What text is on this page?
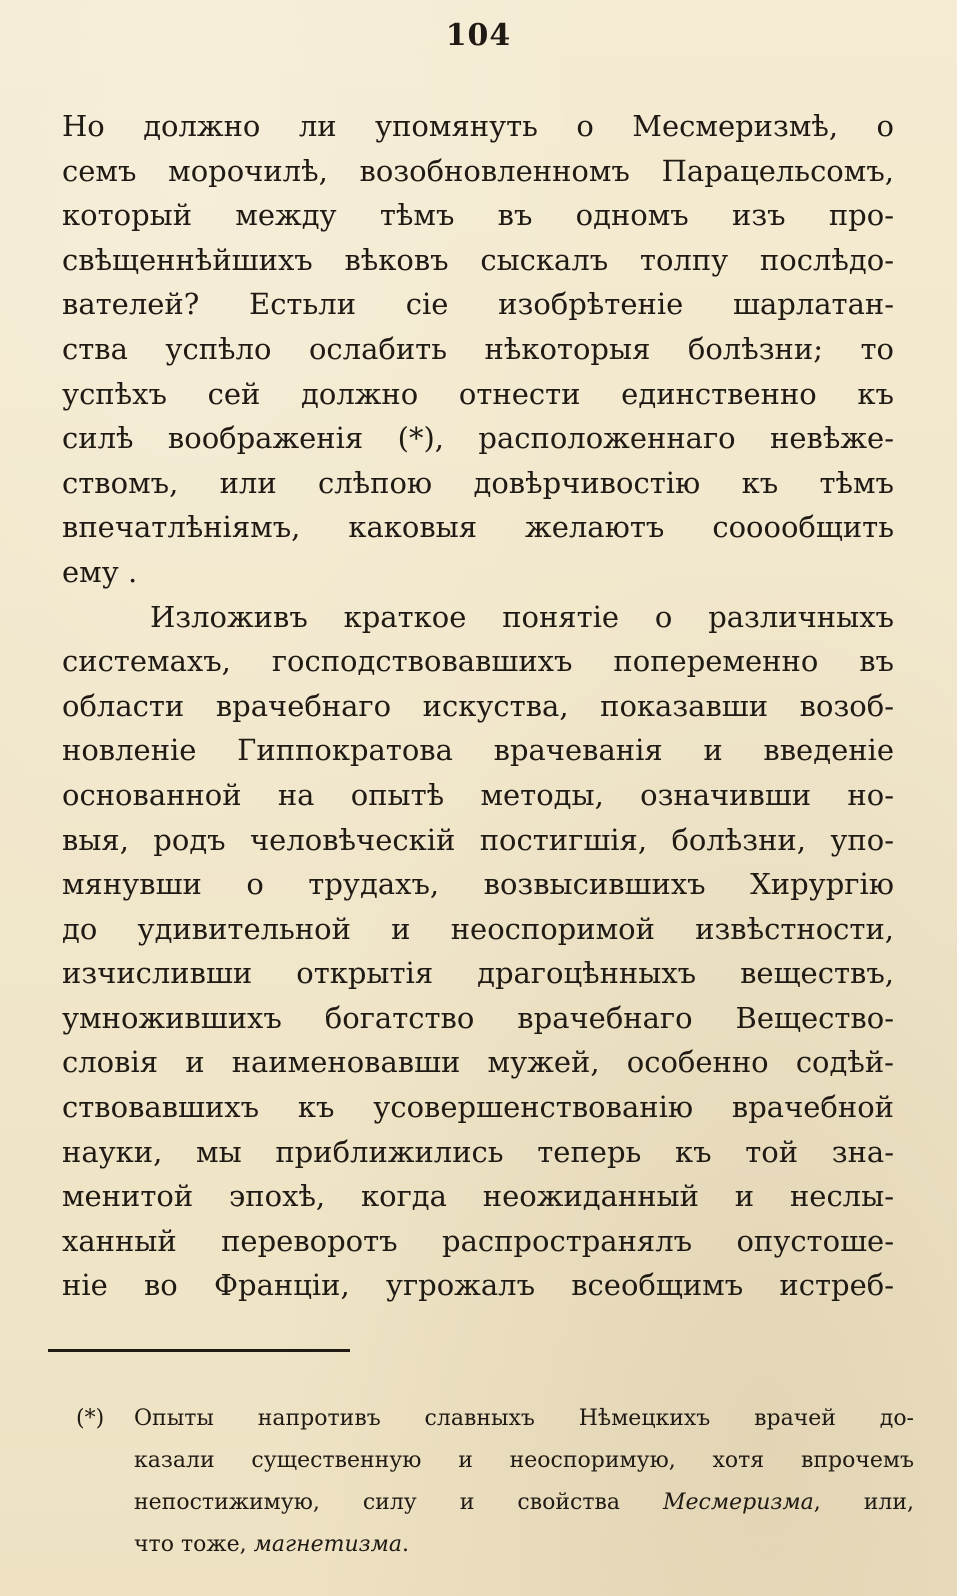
104
Но должно ли упомянуть о Месмеризмѣ, о
семъ морочилѣ, возобновленномъ Парацельсомъ,
который между тѣмъ въ одномъ изъ про-
свѣщеннѣйшихъ вѣковъ сыскалъ толпу послѣдо-
вателей? Естьли сіе изобрѣтеніе шарлатан-
ства успѣло ослабить нѣкоторыя болѣзни; то
успѣхъ сей должно отнести единственно къ
силѣ воображенія (*), расположеннаго невѣже-
ствомъ, или слѣпою довѣрчивостію къ тѣмъ
впечатлѣніямъ, каковыя желаютъ сооообщить
ему .
Изложивъ краткое понятіе о различныхъ
системахъ, господствовавшихъ попеременно въ
области врачебнаго искуства, показавши возоб-
новленіе Гиппократова врачеванія и введеніе
основанной на опытѣ методы, означивши но-
выя, родъ человѣческій постигшія, болѣзни, упо-
мянувши о трудахъ, возвысившихъ Хирургію
до удивительной и неоспоримой извѣстности,
изчисливши открытія драгоцѣнныхъ веществъ,
умножившихъ богатство врачебнаго Вещество-
словія и наименовавши мужей, особенно содѣй-
ствовавшихъ къ усовершенствованію врачебной
науки, мы приближились теперь къ той зна-
менитой эпохѣ, когда неожиданный и неслы-
ханный переворотъ распространялъ опустоше-
ніе во Франціи, угрожалъ всеобщимъ истреб-
(*) Опыты напротивъ славныхъ Нѣмецкихъ врачей до-
казали существенную и неоспоримую, хотя впрочемъ
непостижимую, силу и свойства Месмеризма, или,
что тоже, магнетизма.
